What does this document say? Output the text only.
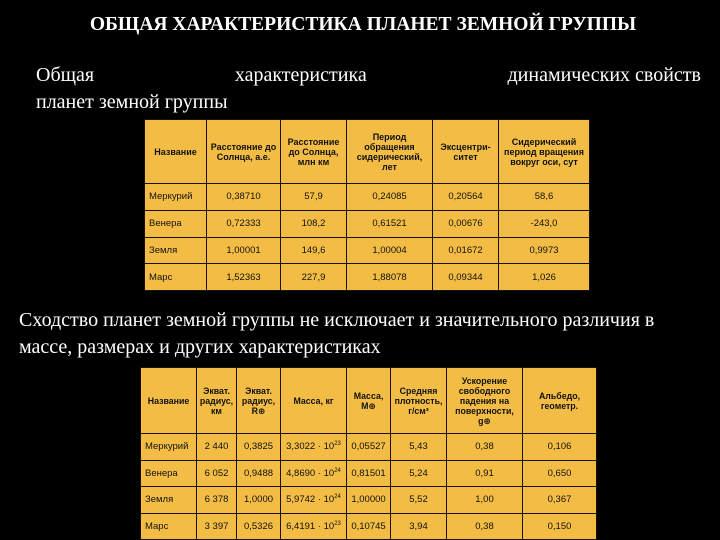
ОБЩАЯ ХАРАКТЕРИСТИКА ПЛАНЕТ ЗЕМНОЙ ГРУППЫ
Общая	характеристика	динамических свойств
планет земной группы
Название	Расстояние до Солнца, а.е.	Расстояние до Солнца, млн км	Период обращения сидерический, лет	Эксцентри-ситет	Сидерический период вращения вокруг оси, сут
Меркурий	0,38710	57,9	0,24085	0,20564	58,6
Венера	0,72333	108,2	0,61521	0,00676	-243,0
Земля	1,00001	149,6	1,00004	0,01672	0,9973
Марс	1,52363	227,9	1,88078	0,09344	1,026
Сходство планет земной группы не исключает и значительного различия в массе, размерах и других характеристиках
Название	Экват. радиус, км	Экват. радиус, R⊕	Масса, кг	Масса, M⊕	Средняя плотность, г/см³	Ускорение свободного падения на поверхности, g⊕	Альбедо, геометр.
Меркурий	2 440	0,3825	$3,3022 \cdot 10^{23}$	0,05527	5,43	0,38	0,106
Венера	6 052	0,9488	$4,8690 \cdot 10^{24}$	0,81501	5,24	0,91	0,650
Земля	6 378	1,0000	$5,9742 \cdot 10^{24}$	1,00000	5,52	1,00	0,367
Марс	3 397	0,5326	$6,4191 \cdot 10^{23}$	0,10745	3,94	0,38	0,150
